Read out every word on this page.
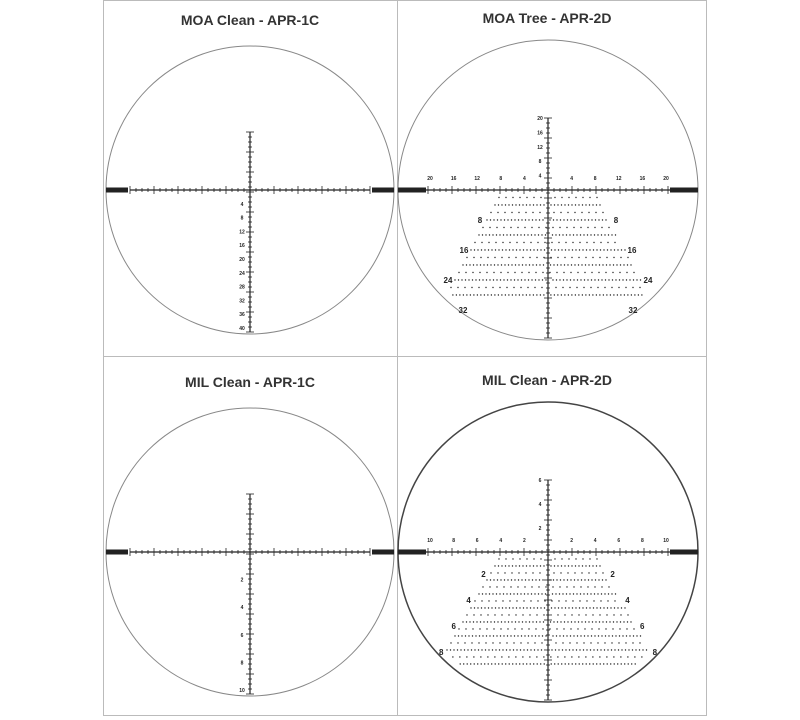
MOA Clean - APR-1C	MOA Tree - APR-2D
MIL Clean - APR-1C	MIL Clean - APR-2D
4
8
12
16
20
24
28
32
36
40
4
8
12
16
20
4	4
8	8
12	12
16	16
20	20
8	8
16	16
24	24
32	32
2
4
6
8
10
2
4
6
2	2
4	4
6	6
8	8
10	10
2	2
4	4
6	6
8	8
